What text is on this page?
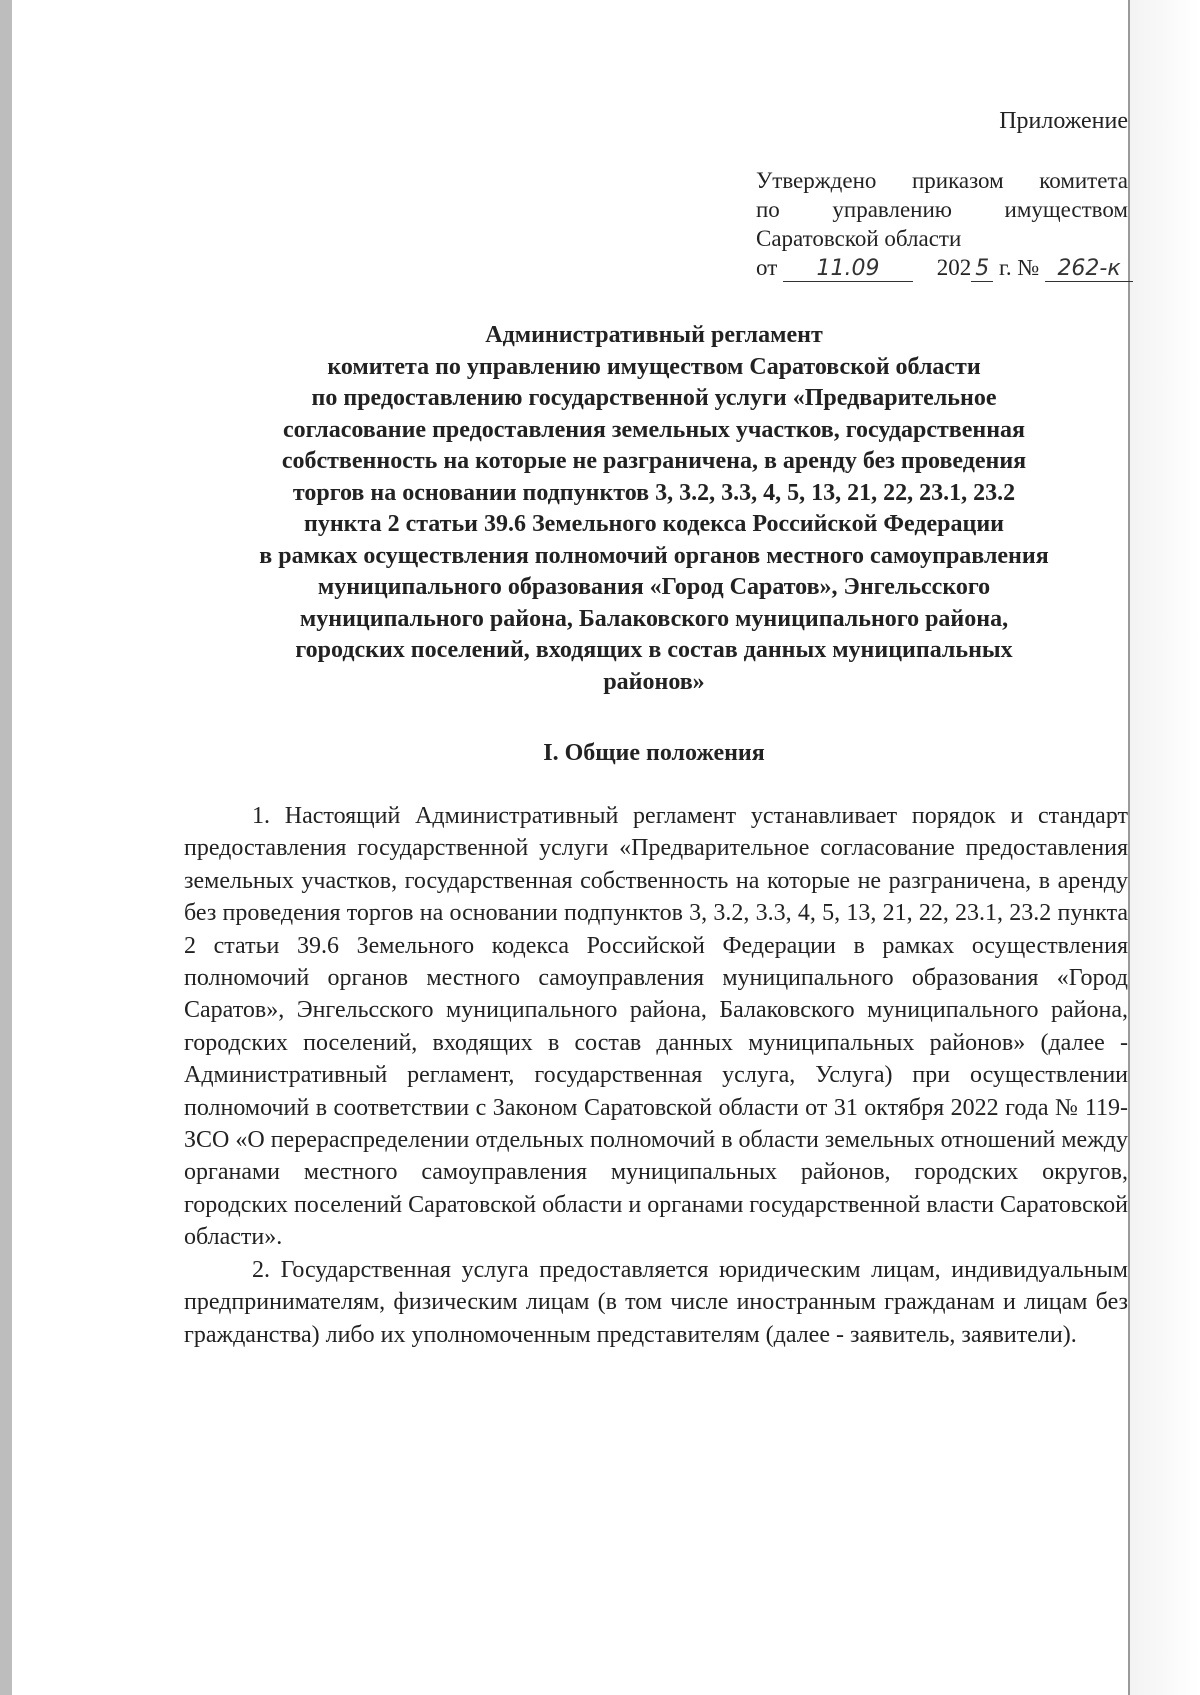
Приложение
Утверждено приказом комитета
по управлению имуществом
Саратовской области
от 11.09 202 5 г. № 262-к
Административный регламент
комитета по управлению имуществом Саратовской области
по предоставлению государственной услуги «Предварительное
согласование предоставления земельных участков, государственная
собственность на которые не разграничена, в аренду без проведения
торгов на основании подпунктов 3, 3.2, 3.3, 4, 5, 13, 21, 22, 23.1, 23.2
пункта 2 статьи 39.6 Земельного кодекса Российской Федерации
в рамках осуществления полномочий органов местного самоуправления
муниципального образования «Город Саратов», Энгельсского
муниципального района, Балаковского муниципального района,
городских поселений, входящих в состав данных муниципальных
районов»
I. Общие положения

1. Настоящий Административный регламент устанавливает порядок и стандарт предоставления государственной услуги «Предварительное согласование предоставления земельных участков, государственная собственность на которые не разграничена, в аренду без проведения торгов на основании подпунктов 3, 3.2, 3.3, 4, 5, 13, 21, 22, 23.1, 23.2 пункта 2 статьи 39.6 Земельного кодекса Российской Федерации в рамках осуществления полномочий органов местного самоуправления муниципального образования «Город Саратов», Энгельсского муниципального района, Балаковского муниципального района, городских поселений, входящих в состав данных муниципальных районов» (далее - Административный регламент, государственная услуга, Услуга) при осуществлении полномочий в соответствии с Законом Саратовской области от 31 октября 2022 года № 119-ЗСО «О перераспределении отдельных полномочий в области земельных отношений между органами местного самоуправления муниципальных районов, городских округов, городских поселений Саратовской области и органами государственной власти Саратовской области».

2. Государственная услуга предоставляется юридическим лицам, индивидуальным предпринимателям, физическим лицам (в том числе иностранным гражданам и лицам без гражданства) либо их уполномоченным представителям (далее - заявитель, заявители).
